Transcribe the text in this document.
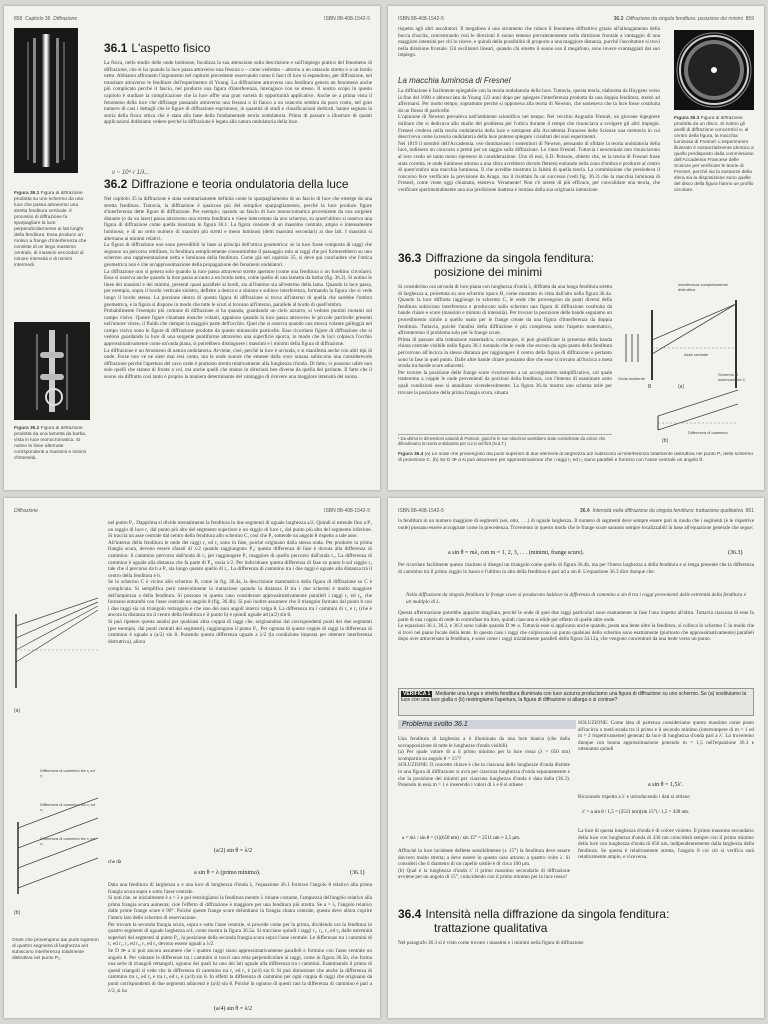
858 Capitolo 36 Diffrazione	ISBN 88-408-1542-5
36.1 L'aspetto fisico
La fisica, nello studio delle onde luminose, focalizza la sua attenzione sulla descrizione e sull'impiego pratico del fenomeno di diffrazione, che si ha quando la luce passa attraverso una fessura o – come vedremo – attorno a un ostacolo stretto o a un bordo netto. Abbiamo affrontato l'argomento nel capitolo precedente osservando come il fasci di luce si espandono, per diffrazione, nel transitare attraverso le fenditure dell'esperimento di Young. La diffrazione attraverso una fenditura genera un fenomeno anche più complicato perché il fascio, nel produrre una figura d'interferenza, interagisce con se stesso. Il nostro scopo in questo capitolo è studiare la complicazione che la luce offre una gran varietà di opportunità applicative. Anche se a prima vista il fenomeno della luce che diffrange passando attraverso una fessura o di fianco a un ostacolo sembra da poco conto, nel gran numero di casi i dettagli che le figure di diffrazione esprimono, in quantità di studi e classificazioni dedicati, hanno segnato la storia della fisica ottica che è stata alla base della fondamentale teoria ondulatoria. Prima di passare a illustrare di quanti applicazioni dobbiamo vedere perché la diffrazione è legata alla natura ondulatoria della luce.
ν ~ 10⁴·r 1/λ...
36.2 Diffrazione e teoria ondulatoria della luce
Figura 36.1 Figura di diffrazione prodotta su uno schermo da una luce che passa attraverso una stretta fenditura verticale. Il processo di diffrazione fa sparpagliare la luce perpendicolarmente ai lati lunghi della fenditura. Essa produce un motivo a frange d'interferenza che consiste di un largo massimo centrale, di massimi secondari di minore intensità e di minimi intermedi.
Nel capitolo 35 la diffrazione è stata sommariamente definita come lo sparpagliamento di un fascio di luce che emerge da una stretta fenditura. Tuttavia, la diffrazione è qualcosa più del semplice sparpagliamento, perché la luce produce figure d'interferenza dette figure di diffrazione. Per esempio, quando un fascio di luce monocromatica proveniente da una sorgente distante (o da un laser) passa attraverso una stretta fenditura e viene intercettato da uno schermo, su quest'ultimo si osserva una figura di diffrazione come quella mostrata in figura 36.1. La figura consiste di un massimo centrale, ampio e intensamente luminoso, e di un certo numero di massimi più stretti e meno luminosi (detti massimi secondari) ai due lati. I massimi si alternano ai minimi relativi.
La figura di diffrazione non sono prevedibili in base ai principi dell'ottica geometrica: se la luce fosse composta di raggi che seguono un percorso rettilineo, la fenditura semplicemente consentirebbe il passaggio solo ai raggi che poi formerebbero su uno schermo una rappresentazione netta e luminosa della fenditura. Come già nel capitolo 35, si deve qui concludere che l'ottica geometrica non è che un'approssimazione della propagazione dei fenomeni ondulatori.
La diffrazione non si genera solo quando la luce passa attraverso strette aperture (come una fenditura o un forellino circolare). Essa si osserva anche quando la luce passa accanto a un bordo netto, come quello di una lametta da barba (fig. 36.2). Si notino le linee dei massimi e dei minimi, presenti quasi parallele ai bordi, sia all'interno sia all'esterno della lama. Quando la luce passa, per esempio, sopra il bordo verticale sinistro, deflette a destra e a sinistra e subisce interferenza, formando la figura che si vede lungo il bordo stesso. La porzione destra di questa figura di diffrazione si trova all'interno di quella che sarebbe l'ombra geometrica, e la figura si dispone in modo che tutte le scuri si trovano all'interno, parallele al bordo di quell'ombra.
Probabilmente l'esempio più comune di diffrazione si ha quando, guardando un cielo azzurro, si vedono puntini ruotanti sul campo visivo. Queste figure chiamate mosche volanti, appaiono quando la luce passa attraverso le piccole particelle presenti nell'umore vitreo, il fluido che riempie la maggior parte dell'occhio. Quel che si osserva quando una mosca volante galleggia nel campo visivo sono le figure di diffrazione prodotte da queste minuscole particelle. Esse ricordano figure di diffrazione che si vedono guardando la luce di una sorgente puntiforme attraverso una superficie sporca, in modo che le luci colpisca l'occhio approssimativamente come un'onda piana, si potrebbero distinguere i massimi e i minimi della figura di diffrazione.
La diffrazione è un fenomeno di natura ondulatoria. Avviene, cioè, perché la luce è un'onda, e si manifesta anche con altri tipi di onde. Forse non ve ne siete mai resi conto, ma le onde sonore che emesse dalla voce umana subiscono una considerevole diffrazione perché l'apertura del cavo orale è piuttosto stretta relativamente alla lunghezza d'onda. Di fatto, vi possono udire non solo quelli che stanno di fronte a voi, ma anche quelli che stanno in direzioni ben diverse da quella del parlante. Il fatto che il suono sia diffratto così tanto è proprio la maniera determinante del vantaggio di ricevere una maggiore intensità del suono.
Figura 36.2 Figura di diffrazione prodotta da una lametta da barba, vista in luce monocromatica. Si notino le linee alternate corrispondenti a massimi e minimi d'intensità.
ISBN 88-408-1542-5	36.3 Diffrazione da singola fenditura: posizione dei minimi 859
rispetto agli altri ascoltatori. Il megafono è uno strumento che riduce il fenomeno diffrattivo grazie all'allungamento della bocca d'uscita, concentrando così le direzioni il suono emesso prevalentemente nella direzione frontale a vantaggio di una maggiore intensità per chi lo riceve, e quindi della possibilità di proporre a una maggiore distanza, purché l'ascoltatore si trovi nella direzione frontale. Gli oscillatori lineari, quando chi emette il suono usa il megafono, sono invece svantaggiati dal suo impiego.
La macchia luminosa di Fresnel
La diffrazione è facilmente spiegabile con la teoria ondulatoria della luce. Tuttavia, questa teoria, elaborata da Huygens verso la fine del 1600 e abbracciata da Young 123 anni dopo per spiegare l'interferenza prodotta da una doppia fenditura, stentò ad affermarsi. Per molto tempo, soprattutto perché si opponeva alla teoria di Newton, che sosteneva che la luce fosse costituita da un flusso di particelle.
L'opinione di Newton prevaleva nell'ambiente scientifico nel tempo. Nel vecchio Augustin Fresnel, un giovane ingegnere militare che si dedicava allo studio del problema per l'ottica durante il tempo che rinunciava a svolgere gli altri impegni. Fresnel credeva nella teoria ondulatoria della luce e sottopose alla Accademia Francese delle Scienze una memoria in cui descriveva come la teoria ondulatoria della luce potesse spiegare i risultati dei suoi esperimenti.
Nel 1819 il membri dell'Accademia, ove dominavano i sostenitori di Newton, pensando di sfidare la teoria ondulatoria della luce, indissero un concorso a premi per un saggio sulla diffrazione. Lo vinse Fresnel. Tuttavia i newtoniani non rinunciarono al loro credo né tanto meno ripresero in considerazione. Uno di essi, S.D. Poisson, obiettò che, se la teoria di Fresnel fosse stata corretta, le onde luminose attorno a una sfera avrebbero dovuto flettersi entrando nella zona d'ombra e produrre al centro di quest'ombra una macchia luminosa. Il che avrebbe mostrato la falsità di quella teoria. La commissione che presiedeva il concorso fece verificare la previsione da Arago, ma il risultato fu un successo (vedi fig. 36.3) che la macchia luminosa di Fresnel, come viene oggi chiamata, esisteva. Veramente! Non c'è niente di più efficace, per convalidare una teoria, che verificare sperimentalmente una sua predizione inattesa e lontana dalla sua originaria intenzione.
Figura 36.3 Figura di diffrazione prodotta da un disco. Si notino gli anelli di diffrazione concentrici e, al centro della figura, la macchia luminosa di Fresnel. L'esperimento illustrato è sostanzialmente identico a quello predisposto dalla commissione dell'Accademia Francese delle Scienze per verificare le teorie di Fresnel, perché sia la sostanze della sfera sia la disposizione sono quelle del disco della figura hanno un profilo circolare.
36.3 Diffrazione da singola fenditura:
posizione dei minimi
Si considerino ora un'onda di luce piana con lunghezza d'onda λ, diffratta da una lunga fenditura stretta di larghezza a, proiettata su uno schermo opaco B, come mostrato in vista dall'alto nella figura 36.4a. Quando la luce diffratta raggiunge lo schermo C, le onde che provengono da punti diversi della fenditura subiscono interferenza e producono sullo schermo una figura di diffrazione costituita da bande chiare e scure (massimi e minimi di intensità). Per trovare la posizione delle bande seguiamo un procedimento simile a quello usato per le frange create da una figura d'interferenza da doppia fenditura. Tuttavia, poiché l'analisi della diffrazione è più complessa sotto l'aspetto matematico, affronteremo il problema solo per le frange scure.
Prima di passare alla trattazione matematica, comunque, si può giustificare la presenza della banda chiara centrale visibile nella figura 36.1 notando che le onde che escono da ogni punto della fenditura percorrono all'incirca la stessa distanza per raggiungere il centro della figura di diffrazione e pertanto sono in fase in quel punto. Dalle altre bande chiare possiamo dire che esse si trovano all'incirca a metà strada tra bande scure adiacenti.
Per trovare la posizione delle frange scure ricorreremo a un accorgimento semplificativo, col quale tratteremo a coppie le onde provenienti da porzioni della fenditura, con l'intento di esaminare sotto quali condizioni esse si annullano vicendevolmente. La figura 36.4a mostra uno schema utile per trovare la posizione della prima frangia scura, situata
¹ Da ultimo le dimensioni naturali di Poisson, giacché le sue obiezioni sarebbero state considerate da coloro che difendevano la teoria ondulatoria per cui si verificò (N.d.T.)
Interferenza completamente distruttiva
Asse centrale
Schermo di osservazione C
Onda incidente
B	(a)
Differenza di cammino
(b)
Figura 36.4 (a) Le onde che provengono dai punti superiori di due elementi di larghezza a/2 subiscono un'interferenza totalmente distruttiva nel punto P₁ dello schermo di proiezione C. (b) Se D ≫ a si può assumere per approssimazione che i raggi r₁ ed r₂ siano paralleli e formino con l'asse centrale un angolo θ.
Diffrazione	ISBN 88-408-1542-5
(a)
Differenza di cammino tra r₁ ed r₂
Differenza di cammino tra r₂ ed r₃
Differenza di cammino tra r₃ ed r₄
(b)
Onde che provengono dai punti superiori di quattro segmenti di larghezza a/4 subiscono interferenza totalmente distruttiva nel punto P₂.
nel punto P₁. Dapprima si divide mentalmente la fenditura in due segmenti di uguale larghezza a/2. Quindi si estende fino a P₁ un raggio di luce r₁ dal punto più alto del segmento superiore e un raggio di luce r₂ dal punto più alto del segmento inferiore. Si traccia un asse centrale dal centro della fenditura allo schermo C, così che P₁ sottende un angolo θ rispetto a tale asse.
All'interno della fenditura le onde dei raggi r₁ ed r₂ sono in fase, poiché originano dalla stessa onda. Per produrre la prima frangia scura, devono essere sfasati di λ/2 quando raggiungono P₁; questa differenza di fase è dovuta alla differenza di cammino: il cammino percorso dall'onda di r₂ per raggiungere P₁ maggiore di quello percorso dall'onda r₁. La differenza di cammino è uguale alla distanza che fa parte di P₁, ossia λ/2. Per individuare questa differenza di fase su punto b sul raggio r₂ tale che il percorso da b a P₁ sia lungo quanto quello di r₁. La differenza di cammino tra i due raggi è uguale alla distanza tra il centro della fenditura e b.
Se lo schermo C è vicino allo schermo B, come in fig. 36.4a, la descrizione matematica della figura di diffrazione su C è complicata. Si semplifica però notevolmente la trattazione quando la distanza D tra i due schermi è molto maggiore dell'ampiezza a della fenditura. Si possono in questo caso considerare approssimativamente paralleli i raggi r₁ ed r₂, che formano entrambi con l'asse centrale un angolo θ (fig. 36.4b). Si può inoltre assumere che il triangolo formato dal punto b con i due raggi sia un triangolo rettangolo e che uno dei suoi angoli interni valga θ. La differenza tra i cammini di r₁ e r₂ (che è ancora la distanza tra il centro della fenditura e il punto b) è quindi uguale ad (a/2) sin θ.
Si può ripetere questa analisi per qualsiasi altra coppia di raggi che, originandosi dai corrispondenti punti dei due segmenti (per esempio, dai punti centrali dei segmenti), raggiungono il punto P₁. Per ognuna di queste coppie di raggi la differenza di cammino è uguale a (a/2) sin θ. Ponendo questa differenza uguale a λ/2 (la condizione imposta per ottenere interferenza distruttiva), allora
(a/2) sin θ = λ/2
che dà
a sin θ = λ (primo minimo).	(36.1)
Data una fenditura di larghezza a e una luce di lunghezza d'onda λ, l'equazione 36.1 fornisce l'angolo θ relativo alla prima frangia scura sopra e sotto l'asse centrale.
Si noti che, se inizialmente è a > λ e poi restringiamo la fenditura mentre λ rimane costante, l'ampiezza dell'angolo relativo alla prima frangia scura aumenta; cioè l'effetto di diffrazione è maggiore per una fenditura più stretta. Se a = λ, l'angolo relativo dalle prime frange scure è 90°. Poiché queste frange scure delimitano la frangia chiara centrale, questa deve allora coprire l'intero lato dello schermo di osservazione.
Per trovare la seconda frangia scura, sopra e sotto l'asse centrale, si procede come per la prima, dividendo ora la fenditura in quattro segmenti di uguale larghezza a/4, come mostra la figura 36.5a. Si tracciano quindi i raggi r₁, r₂, r₃ ed r₄ dalle estremità superiori dei segmenti al punto P₂, la posizione della seconda frangia scura sopra l'asse centrale. Le differenze tra i cammini di r₁ ed r₂, r₂ ed r₃, r₃ ed r₄ devono essere uguali a λ/2.
Se D ≫ a si può ancora assumere che i quattro raggi siano approssimativamente paralleli e formino con l'asse centrale un angolo θ. Per valutare le differenze tra i cammini si tracci una retta perpendicolare ai raggi, come in figura 36.5b, che forma una serie di triangoli rettangoli, ognuno dei quali ha uno dei lati uguale alla differenza tra i cammini. Esaminando il primo di questi triangoli si vede che la differenza di cammino tra r₁ ed r₂ è (a/4) sin θ. Si può dimostrare che anche la differenza di cammino tra r₂ ed r₃ e tra r₃ ed r₄ è (a/4) sin θ. In effetti la differenza di cammino per ogni coppia di raggi che originano da punti corrispondenti di due segmenti adiacenti è (a/4) sin θ. Poiché in ognuno di questi casi la differenza di cammino è pari a λ/2, si ha
(a/4) sin θ = λ/2
ISBN 88-408-1542-5	36.4 Intensità nella diffrazione da singola fenditura: trattazione qualitativa 861
la fenditura in un numero maggiore di segmenti (sei, otto, . . .) di uguale larghezza. Il numero di segmenti deve sempre essere pari in modo che i segmenti (e le rispettive onde) possano essere accoppiate come in precedenza. Troveremo in questo modo che le frange scure saranno sempre localizzabili in base all'equazione generale che segue:
a sin θ = mλ, con m = 1, 2, 3, . . . (minimi, frange scure).	(36.3)
Per ricordare facilmente questo risultato si disegni un triangolo come quello di figura 36.4b, ma per l'intera larghezza a della fenditura e si tenga presente che la differenza di cammino tra il primo raggio in basso e l'ultimo in alto della fenditura è pari ad a sin θ. L'equazione 36.3 dice dunque che:
Nella diffrazione da singola fenditura le frange scure si producono laddove la differenza di cammino a sin θ tra i raggi provenienti dalle estremità della fenditura è un multiplo di λ.
Questa affermazione potrebbe apparire sbagliata, perché le onde di quei due raggi particolari sono esattamente in fase l'una rispetto all'altra. Tuttavia ciascuna di esse fa parte di una coppia di onde in controfase tra loro, quindi ciascuna si elide per effetto di quelle altre onde.
Le equazioni 36.1, 36.2, e 36.3 sono valide quando D ≫ a. Tuttavia esse si applicano anche quando, posta una lente oltre la fenditura, si colloca lo schermo C in modo che si trovi nel piano focale della lente. In questo caso i raggi che colpiscono un punto qualsiasi dello schermo sono esattamente (piuttosto che approssimativamente) paralleli dopo aver attraversato la fenditura, e sono come i raggi inizialmente paralleli della figura 34.12a, che vengono concentrati da una lente verso un punto.
VERIFICA 1 Mediante una lunga e stretta fenditura illuminata con luce azzurra produciamo una figura di diffrazione su uno schermo. Se (a) sostituiamo la luce con una luce gialla o (b) restringiamo l'apertura, la figura di diffrazione si allarga o si contrae?
Problema svolto 36.1
Una fenditura di larghezza a è illuminata da una luce bianca (che dalla sovrapposizione di tutte le lunghezze d'onda visibili).
(a) Per quale valore di a il primo minimo per la luce rossa (λ = 650 nm) scomparirà su angolo θ = 15°?
SOLUZIONE: Il concetto chiave è che in ciascuna delle lunghezze d'onda distinte in una figura di diffrazione si avrà per ciascuna lunghezza d'onda separatamente e che la posizione dei minimi per ciascuna lunghezza d'onda è data dalla (36.3). Ponendo in essa m = 1 e inserendo i valori di λ e θ si ottiene
a = mλ / sin θ = (1)(650 nm) / sin 15° = 2511 nm ≈ 2,5 μm.
Affinché la luce incidente deflette sensibilmente (± 15°) la fenditura deve essere davvero molto stretta; a deve essere in questo caso attorno a quattro volte λ. Si consideri che il diametro di un capello sottile è di circa 100 μm.
(b) Qual è la lunghezza d'onda λ' il primo massimo secondario di diffrazione avviene per un angolo di 15°, coincidendo con il primo minimo per la luce rossa?
SOLUZIONE: Come idea di partenza consideriamo questo massimo come posto all'incirca a metà strada tra il primo e il secondo minimo (interrompere di m = 1 ed m = 2 rispettivamente) generati da luce di lunghezza d'onda pari a λ'. Lo troveremo dunque con buona approssimazione ponendo m = 1,5 nell'equazione 36.3 e otteniamo quindi
a sin θ = 1,5λ'.
Ricavando rispetto a λ' e introducendo i dati si ottiene
λ' = a sin θ / 1,5 = (2511 nm)(sin 15°) / 1,5 = 430 nm.
La luce di questa lunghezza d'onda è di colore violetto. Il primo massimo secondario della luce con lunghezza d'onda di 430 nm coinciderà sempre con il primo minimo della luce con lunghezza d'onda di 650 nm, indipendentemente dalla larghezza della fenditura. Se questa è relativamente stretta, l'angolo θ cui ciò si verifica sarà relativamente ampio, e viceversa.
36.4 Intensità nella diffrazione da singola fenditura:
trattazione qualitativa
Nel paragrafo 36.3 si è visto come trovare i massimi e i minimi nella figura di diffrazione
